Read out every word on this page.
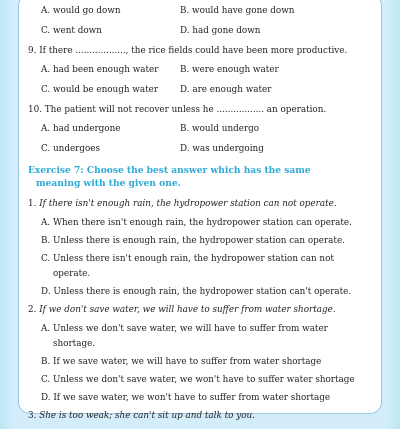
A. would go down	B. would have gone down
C. went down	D. had gone down
9. If there .................., the rice fields could have been more productive.
A. had been enough water B. were enough water
C. would be enough water D. are enough water
10. The patient will not recover unless he ................. an operation.
A. had undergone	B. would undergo
C. undergoes	D. was undergoing
Exercise 7: Choose the best answer which has the same
meaning with the given one.
1. If there isn't enough rain, the hydropower station can not operate.
A. When there isn't enough rain, the hydropower station can operate.
B. Unless there is enough rain, the hydropower station can operate.
C. Unless there isn't enough rain, the hydropower station can not
operate.
D. Unless there is enough rain, the hydropower station can't operate.
2. If we don't save water, we will have to suffer from water shortage.
A. Unless we don't save water, we will have to suffer from water
shortage.
B. If we save water, we will have to suffer from water shortage
C. Unless we don't save water, we won't have to suffer water shortage
D. If we save water, we won't have to suffer from water shortage
3. She is too weak; she can't sit up and talk to you.
